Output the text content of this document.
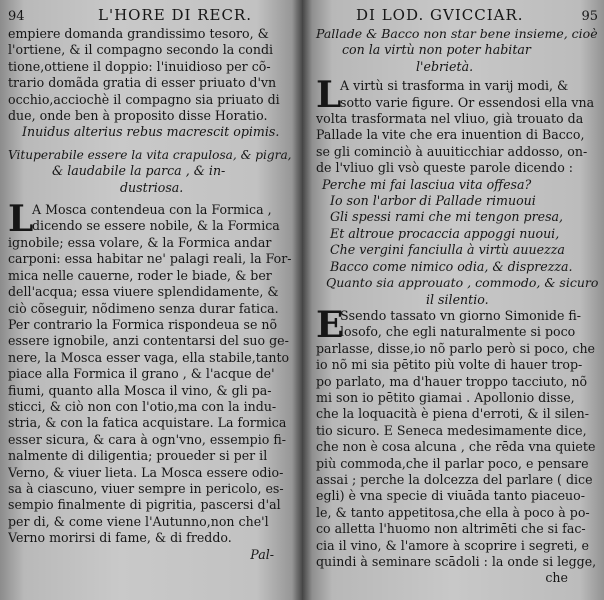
94	L'HORE DI RECR.
empiere domanda grandissimo tesoro, &
l'ortiene, & il compagno secondo la condi
tione,ottiene il doppio: l'inuidioso per cõ-
trario domãda gratia di esser priuato d'vn
occhio,acciochè il compagno sia priuato di
due, onde ben à proposito disse Horatio.
Inuidus alterius rebus macrescit opimis.
Vituperabile essere la vita crapulosa, & pigra,
& laudabile la parca , & in-
dustriosa.
L
A Mosca contendeua con la Formica ,
dicendo se essere nobile, & la Formica
ignobile; essa volare, & la Formica andar
carponi: essa habitar ne' palagi reali, la For-
mica nelle cauerne, roder le biade, & ber
dell'acqua; essa viuere splendidamente, &
ciò cõseguir, nõdimeno senza durar fatica.
Per contrario la Formica rispondeua se nõ
essere ignobile, anzi contentarsi del suo ge-
nere, la Mosca esser vaga, ella stabile,tanto
piace alla Formica il grano , & l'acque de'
fiumi, quanto alla Mosca il vino, & gli pa-
sticci, & ciò non con l'otio,ma con la indu-
stria, & con la fatica acquistare. La formica
esser sicura, & cara à ogn'vno, essempio fi-
nalmente di diligentia; proueder si per il
Verno, & viuer lieta. La Mosca essere odio-
sa à ciascuno, viuer sempre in pericolo, es-
sempio finalmente di pigritia, pascersi d'al
per di, & come viene l'Autunno,non che'l
Verno morirsi di fame, & di freddo.
Pal-
DI LOD. GVICCIAR.	95
Pallade & Bacco non star bene insieme, cioè
con la virtù non poter habitar
l'ebrietà.
L
A virtù si trasforma in varij modi, &
sotto varie figure. Or essendosi ella vna
volta trasformata nel vliuo, già trouato da
Pallade la vite che era inuention di Bacco,
se gli cominciò à auuiticchiar addosso, on-
de l'vliuo gli vsò queste parole dicendo :
Perche mi fai lasciua vita offesa?
Io son l'arbor di Pallade rimuoui
Gli spessi rami che mi tengon presa,
Et altroue procaccia appoggi nuoui,
Che vergini fanciulla à virtù auuezza
Bacco come nimico odia, & disprezza.
Quanto sia approuato , commodo, & sicuro
il silentio.
E
Ssendo tassato vn giorno Simonide fi-
losofo, che egli naturalmente si poco
parlasse, disse,io nõ parlo però si poco, che
io nõ mi sia pētito più volte di hauer trop-
po parlato, ma d'hauer troppo tacciuto, nõ
mi son io pētito giamai . Apollonio disse,
che la loquacità è piena d'erroti, & il silen-
tio sicuro. E Seneca medesimamente dice,
che non è cosa alcuna , che rēda vna quiete
più commoda,che il parlar poco, e pensare
assai ; perche la dolcezza del parlare ( dice
egli) è vna specie di viuāda tanto piaceuo-
le, & tanto appetitosa,che ella à poco à po-
co alletta l'huomo non altrimēti che si fac-
cia il vino, & l'amore à scoprire i segreti, e
quindi à seminare scādoli : la onde si legge,
che
